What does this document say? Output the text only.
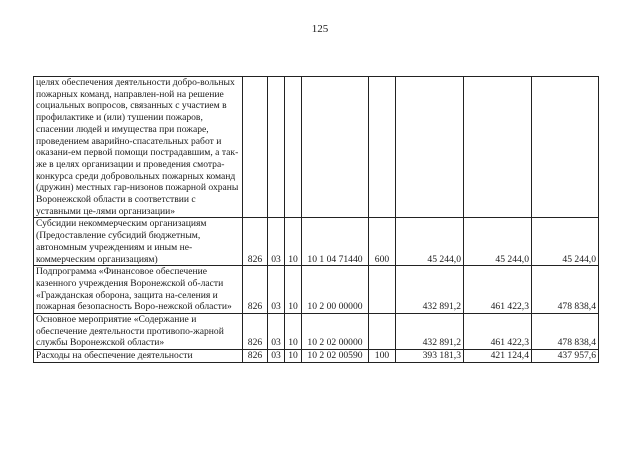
125
целях обеспечения деятельности добро-вольных пожарных команд, направлен-ной на решение социальных вопросов, связанных с участием в профилактике и (или) тушении пожаров, спасении людей и имущества при пожаре, проведением аварийно-спасательных работ и оказани-ем первой помощи пострадавшим, а так-же в целях организации и проведения смотра-конкурса среди добровольных пожарных команд (дружин) местных гар-низонов пожарной охраны Воронежской области в соответствии с уставными це-лями организации»								
Субсидии некоммерческим организациям (Предоставление субсидий бюджетным, автономным учреждениям и иным не-коммерческим организациям)	826	03	10	10 1 04 71440	600	45 244,0	45 244,0	45 244,0
Подпрограмма «Финансовое обеспечение казенного учреждения Воронежской об-ласти «Гражданская оборона, защита на-селения и пожарная безопасность Воро-нежской области»	826	03	10	10 2 00 00000		432 891,2	461 422,3	478 838,4
Основное мероприятие «Содержание и обеспечение деятельности противопо-жарной службы Воронежской области»	826	03	10	10 2 02 00000		432 891,2	461 422,3	478 838,4
Расходы на обеспечение деятельности	826	03	10	10 2 02 00590	100	393 181,3	421 124,4	437 957,6
